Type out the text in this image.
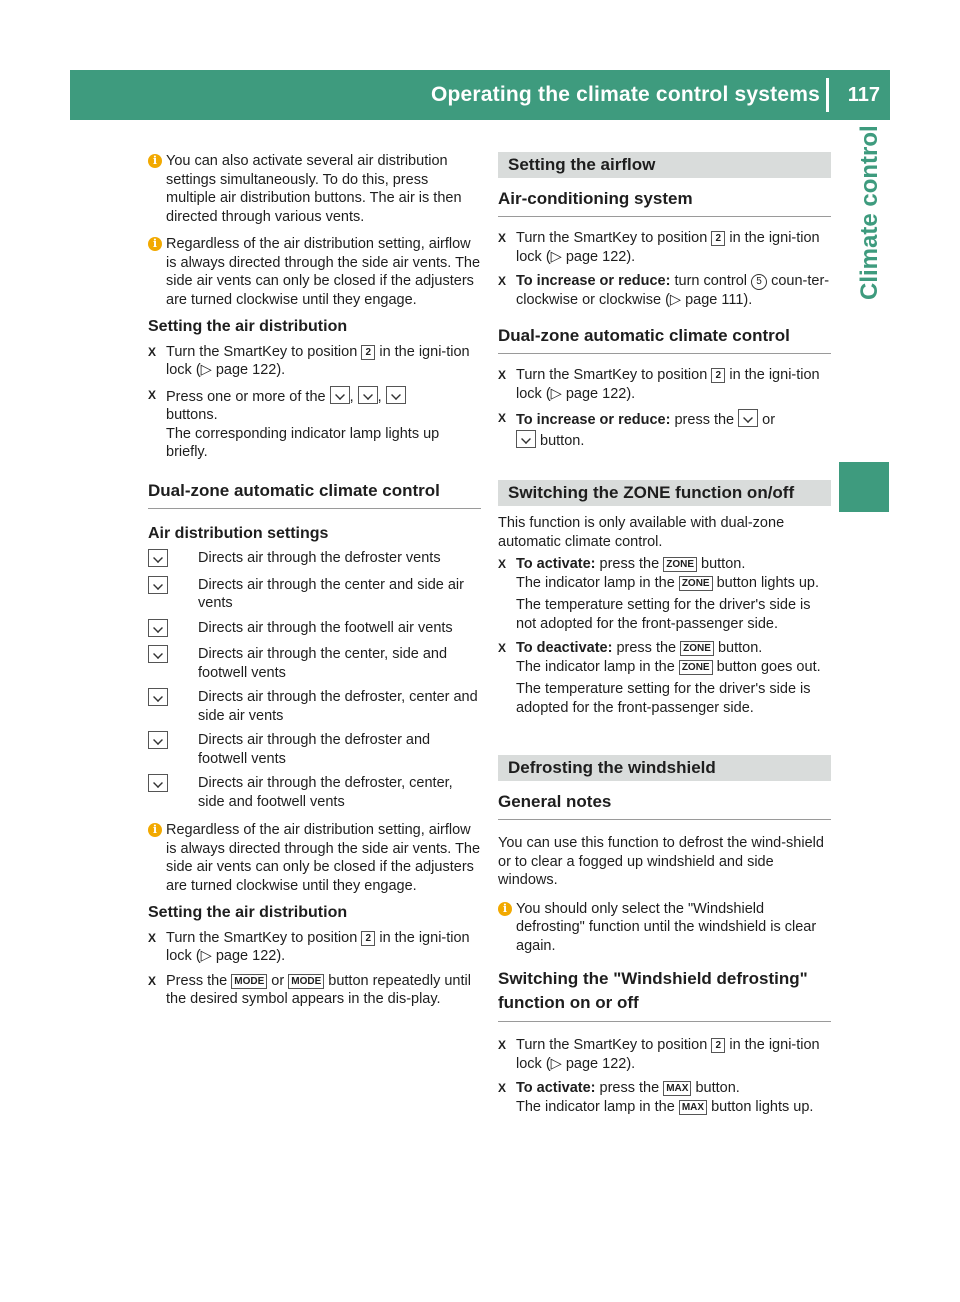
Operating the climate control systems 117
Climate control
i You can also activate several air distribution settings simultaneously. To do this, press multiple air distribution buttons. The air is then directed through various vents.
i Regardless of the air distribution setting, airflow is always directed through the side air vents. The side air vents can only be closed if the adjusters are turned clockwise until they engage.
Setting the air distribution
X Turn the SmartKey to position 2 in the igni-tion lock (▷ page 122).
X Press one or more of the , ,
buttons.
The corresponding indicator lamp lights up briefly.
Dual-zone automatic climate control
Air distribution settings
Directs air through the defroster vents
Directs air through the center and side air vents
Directs air through the footwell air vents
Directs air through the center, side and footwell vents
Directs air through the defroster, center and side air vents
Directs air through the defroster and footwell vents
Directs air through the defroster, center, side and footwell vents
i Regardless of the air distribution setting, airflow is always directed through the side air vents. The side air vents can only be closed if the adjusters are turned clockwise until they engage.
Setting the air distribution
X Turn the SmartKey to position 2 in the igni-tion lock (▷ page 122).
X Press the MODE or MODE button repeatedly until the desired symbol appears in the dis-play.
Setting the airflow
Air-conditioning system
X Turn the SmartKey to position 2 in the igni-tion lock (▷ page 122).
X To increase or reduce: turn control 5 coun-ter-clockwise or clockwise (▷ page 111).
Dual-zone automatic climate control
X Turn the SmartKey to position 2 in the igni-tion lock (▷ page 122).
X To increase or reduce: press the  or
button.
Switching the ZONE function on/off
This function is only available with dual-zone automatic climate control.
X To activate: press the ZONE button.
The indicator lamp in the ZONE button lights up.
The temperature setting for the driver's side is not adopted for the front-passenger side.
X To deactivate: press the ZONE button.
The indicator lamp in the ZONE button goes out.
The temperature setting for the driver's side is adopted for the front-passenger side.
Defrosting the windshield
General notes
You can use this function to defrost the wind-shield or to clear a fogged up windshield and side windows.
i You should only select the "Windshield defrosting" function until the windshield is clear again.
Switching the "Windshield defrosting" function on or off
X Turn the SmartKey to position 2 in the igni-tion lock (▷ page 122).
X To activate: press the MAX button.
The indicator lamp in the MAX button lights up.
